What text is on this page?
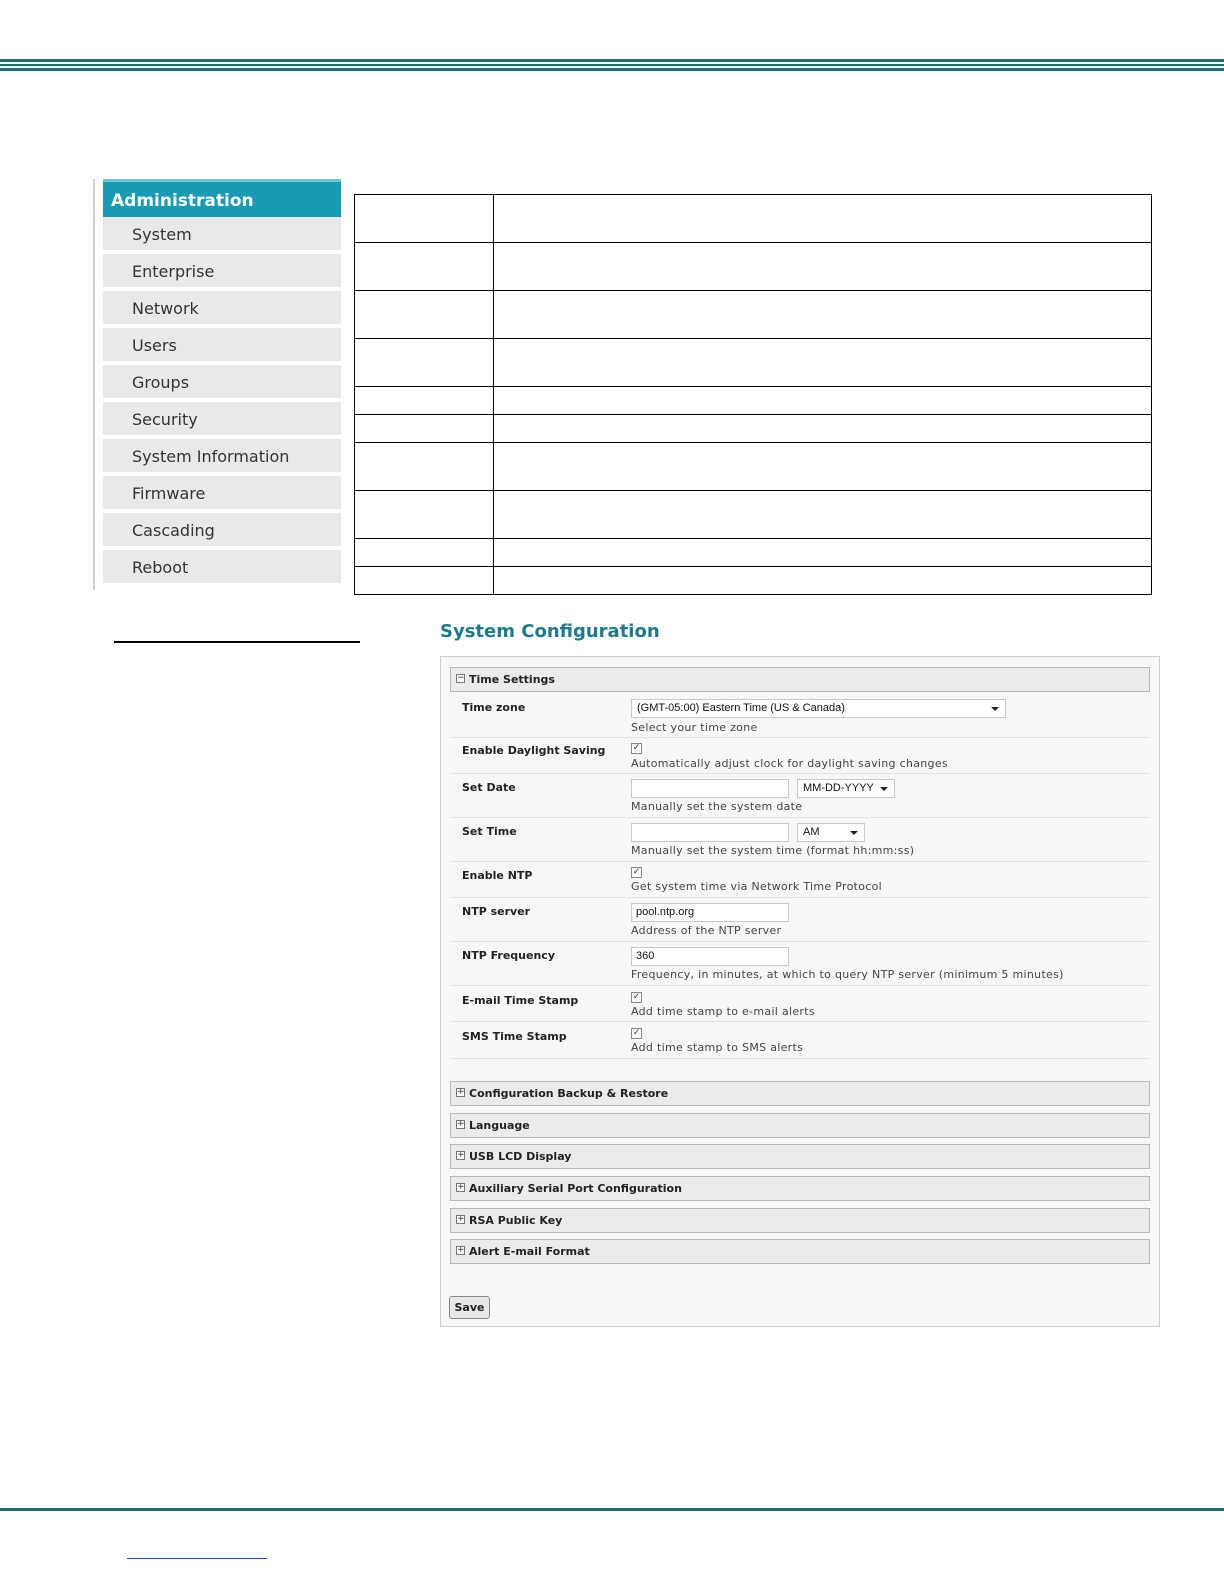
Administration
System
Enterprise
Network
Users
Groups
Security
System Information
Firmware
Cascading
Reboot

System Configuration
− Time Settings
Time zone	(GMT-05:00) Eastern Time (US & Canada)
Select your time zone
Enable Daylight Saving	✓
Automatically adjust clock for daylight saving changes
Set Date	MM-DD-YYYY
Manually set the system date
Set Time	AM
Manually set the system time (format hh:mm:ss)
Enable NTP	✓
Get system time via Network Time Protocol
NTP server	pool.ntp.org
Address of the NTP server
NTP Frequency	360
Frequency, in minutes, at which to query NTP server (minimum 5 minutes)
E-mail Time Stamp	✓
Add time stamp to e-mail alerts
SMS Time Stamp	✓
Add time stamp to SMS alerts
+ Configuration Backup & Restore
+ Language
+ USB LCD Display
+ Auxiliary Serial Port Configuration
+ RSA Public Key
+ Alert E-mail Format
Save
